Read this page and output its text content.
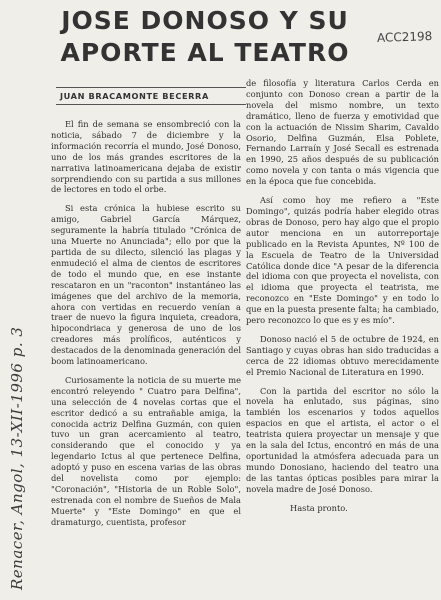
JOSE DONOSO Y SU
APORTE AL TEATRO
ACC2198
JUAN BRACAMONTE BECERRA

El fin de semana se ensombreció con la noticia, sábado 7 de diciembre y la información recorría el mundo, José Donoso, uno de los más grandes escritores de la narrativa latinoamericana dejaba de existir sorprendiendo con su partida a sus millones de lectores en todo el orbe.

Si esta crónica la hubiese escrito su amigo, Gabriel García Márquez, seguramente la habría titulado "Crónica de una Muerte no Anunciada"; ello por que la partida de su dilecto, silenció las plagas y enmudeció el alma de cientos de escritores de todo el mundo que, en ese instante rescataron en un "raconton" instantáneo las imágenes que del archivo de la memoria, ahora con vertidas en recuerdo venían a traer de nuevo la figura inquieta, creadora, hipocondriaca y generosa de uno de los creadores más prolíficos, auténticos y destacados de la denominada generación del boom latinoamericano.

Curiosamente la noticia de su muerte me encontró releyendo " Cuatro para Delfina", una selección de 4 novelas cortas que el escritor dedicó a su entrañable amiga, la conocida actriz Delfina Guzmán, con quien tuvo un gran acercamiento al teatro, considerando que el conocido y ya legendario Ictus al que pertenece Delfina, adoptó y puso en escena varias de las obras del novelista como por ejemplo: "Coronación", "Historia de un Roble Solo", estrenada con el nombre de Sueños de Mala Muerte" y "Este Domingo" en que el dramaturgo, cuentista, profesor

de filosofía y literatura Carlos Cerda en conjunto con Donoso crean a partir de la novela del mismo nombre, un texto dramático, lleno de fuerza y emotividad que con la actuación de Nissim Sharim, Cavaldo Osorio, Delfina Guzmán, Elsa Poblete, Fernando Larraín y José Secall es estrenada en 1990, 25 años después de su publicación como novela y con tanta o más vigencia que en la época que fue concebida.

Así como hoy me refiero a "Este Domingo", quizás podría haber elegido otras obras de Donoso, pero hay algo que el propio autor menciona en un autorreportaje publicado en la Revista Apuntes, Nº 100 de la Escuela de Teatro de la Universidad Católica donde dice "A pesar de la diferencia del idioma con que proyecta el novelista, con el idioma que proyecta el teatrista, me reconozco en "Este Domingo" y en todo lo que en la puesta presente falta; ha cambiado, pero reconozco lo que es y es mío".

Donoso nació el 5 de octubre de 1924, en Santiago y cuyas obras han sido traducidas a cerca de 22 idiomas obtuvo merecidamente el Premio Nacional de Literatura en 1990.

Con la partida del escritor no sólo la novela ha enlutado, sus páginas, sino también los escenarios y todos aquellos espacios en que el artista, el actor o el teatrista quiera proyectar un mensaje y que en la sala del Ictus, encontró en más de una oportunidad la atmósfera adecuada para un mundo Donosiano, haciendo del teatro una de las tantas ópticas posibles para mirar la novela madre de José Donoso.

Hasta pronto.

Renacer, Angol, 13-XII-1996 p. 3
